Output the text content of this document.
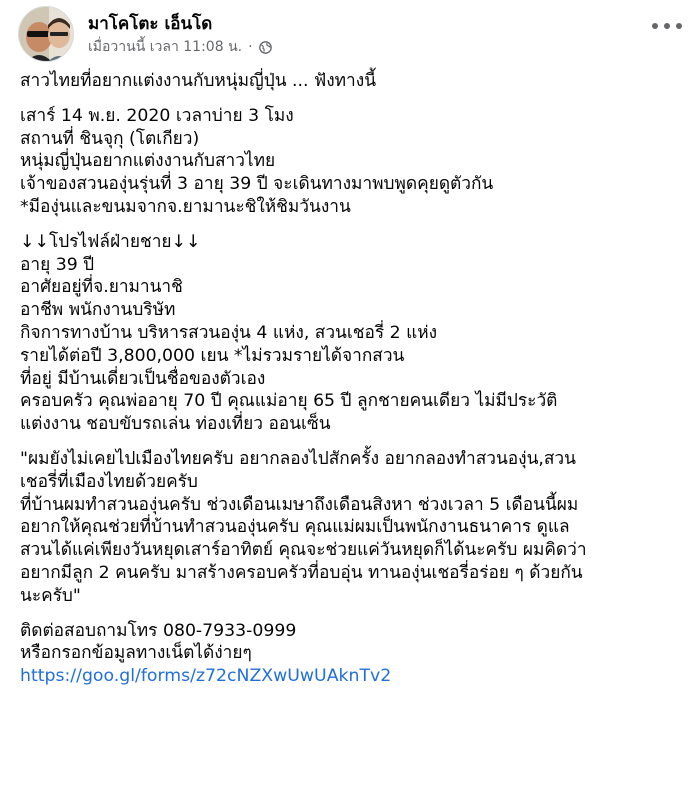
มาโคโตะ เอ็นโด
เมื่อวานนี้ เวลา 11:08 น. ·
สาวไทยที่อยากแต่งงานกับหนุ่มญี่ปุ่น ... ฟังทางนี้
เสาร์ 14 พ.ย. 2020 เวลาบ่าย 3 โมง
สถานที่ ชินจุกุ (โตเกียว)
หนุ่มญี่ปุ่นอยากแต่งงานกับสาวไทย
เจ้าของสวนองุ่นรุ่นที่ 3 อายุ 39 ปี จะเดินทางมาพบพูดคุยดูตัวกัน
*มีองุ่นและขนมจากจ.ยามานะชิให้ชิมวันงาน
↓↓โปรไฟล์ฝ่ายชาย↓↓
อายุ 39 ปี
อาศัยอยู่ที่จ.ยามานาชิ
อาชีพ พนักงานบริษัท
กิจการทางบ้าน บริหารสวนองุ่น 4 แห่ง, สวนเชอรี่ 2 แห่ง
รายได้ต่อปี 3,800,000 เยน *ไม่รวมรายได้จากสวน
ที่อยู่ มีบ้านเดี่ยวเป็นชื่อของตัวเอง
ครอบครัว คุณพ่ออายุ 70 ปี คุณแม่อายุ 65 ปี ลูกชายคนเดียว ไม่มีประวัติ
แต่งงาน ชอบขับรถเล่น ท่องเที่ยว ออนเซ็น
"ผมยังไม่เคยไปเมืองไทยครับ อยากลองไปสักครั้ง อยากลองทำสวนองุ่น,สวน
เชอรี่ที่เมืองไทยด้วยครับ
ที่บ้านผมทำสวนองุ่นครับ ช่วงเดือนเมษาถึงเดือนสิงหา ช่วงเวลา 5 เดือนนี้ผม
อยากให้คุณช่วยที่บ้านทำสวนองุ่นครับ คุณแม่ผมเป็นพนักงานธนาคาร ดูแล
สวนได้แค่เพียงวันหยุดเสาร์อาทิตย์ คุณจะช่วยแค่วันหยุดก็ได้นะครับ ผมคิดว่า
อยากมีลูก 2 คนครับ มาสร้างครอบครัวที่อบอุ่น ทานองุ่นเชอรี่อร่อย ๆ ด้วยกัน
นะครับ"
ติดต่อสอบถามโทร 080-7933-0999
หรือกรอกข้อมูลทางเน็ตได้ง่ายๆ
https://goo.gl/forms/z72cNZXwUwUAknTv2
